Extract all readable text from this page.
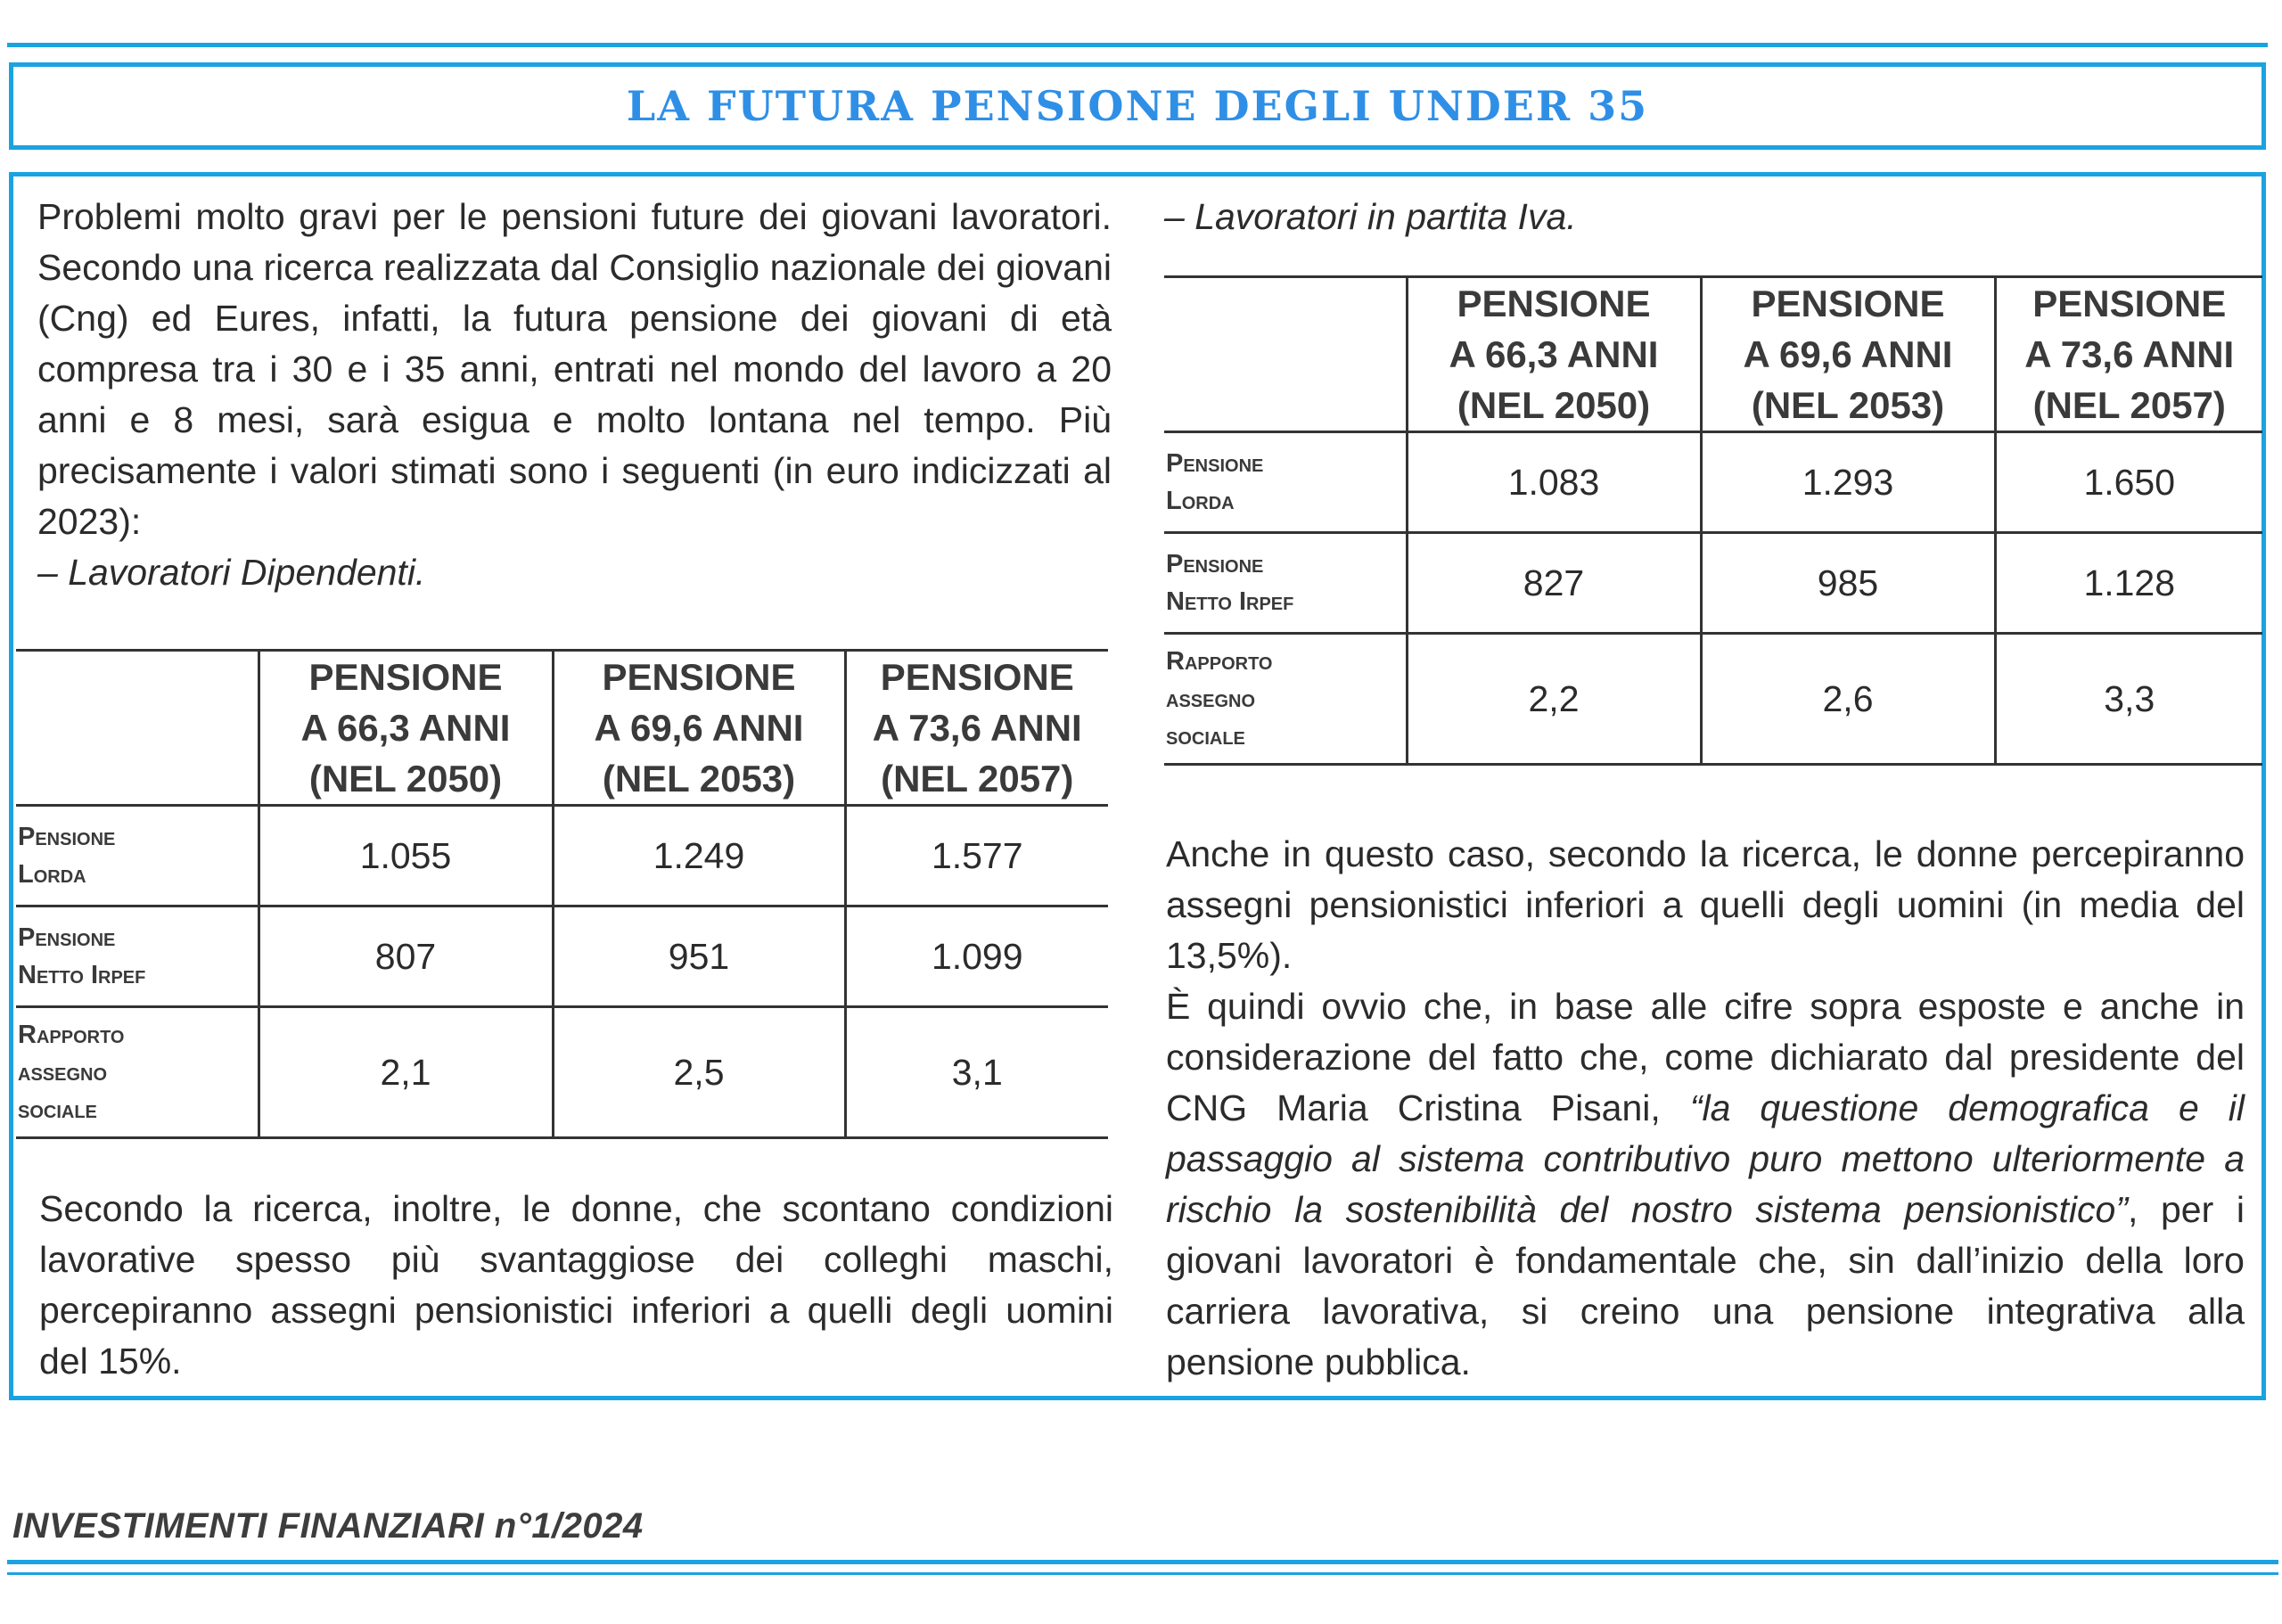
LA FUTURA PENSIONE DEGLI UNDER 35

Problemi molto gravi per le pensioni future dei giovani lavoratori. Secondo una ricerca realizzata dal Consiglio nazionale dei giovani (Cng) ed Eures, infatti, la futura pensione dei giovani di età compresa tra i 30 e i 35 anni, entrati nel mondo del lavoro a 20 anni e 8 mesi, sarà esigua e molto lontana nel tempo. Più precisamente i valori stimati sono i seguenti (in euro indicizzati al 2023):

– Lavoratori Dipendenti.

	PENSIONE
A 66,3 ANNI
(NEL 2050)	PENSIONE
A 69,6 ANNI
(NEL 2053)	PENSIONE
A 73,6 ANNI
(NEL 2057)
Pensione
Lorda	1.055	1.249	1.577
Pensione
Netto Irpef	807	951	1.099
Rapporto
assegno
sociale	2,1	2,5	3,1

Secondo la ricerca, inoltre, le donne, che scontano condizioni lavorative spesso più svantaggiose dei colleghi maschi, percepiranno assegni pensionistici inferiori a quelli degli uomini del 15%.

– Lavoratori in partita Iva.

	PENSIONE
A 66,3 ANNI
(NEL 2050)	PENSIONE
A 69,6 ANNI
(NEL 2053)	PENSIONE
A 73,6 ANNI
(NEL 2057)
Pensione
Lorda	1.083	1.293	1.650
Pensione
Netto Irpef	827	985	1.128
Rapporto
assegno
sociale	2,2	2,6	3,3

Anche in questo caso, secondo la ricerca, le donne percepiranno assegni pensionistici inferiori a quelli degli uomini (in media del 13,5%).

È quindi ovvio che, in base alle cifre sopra esposte e anche in considerazione del fatto che, come dichiarato dal presidente del CNG Maria Cristina Pisani, “la questione demografica e il passaggio al sistema contributivo puro mettono ulteriormente a rischio la sostenibilità del nostro sistema pensionistico”, per i giovani lavoratori è fondamentale che, sin dall’inizio della loro carriera lavorativa, si creino una pensione integrativa alla pensione pubblica.

INVESTIMENTI FINANZIARI n°1/2024
